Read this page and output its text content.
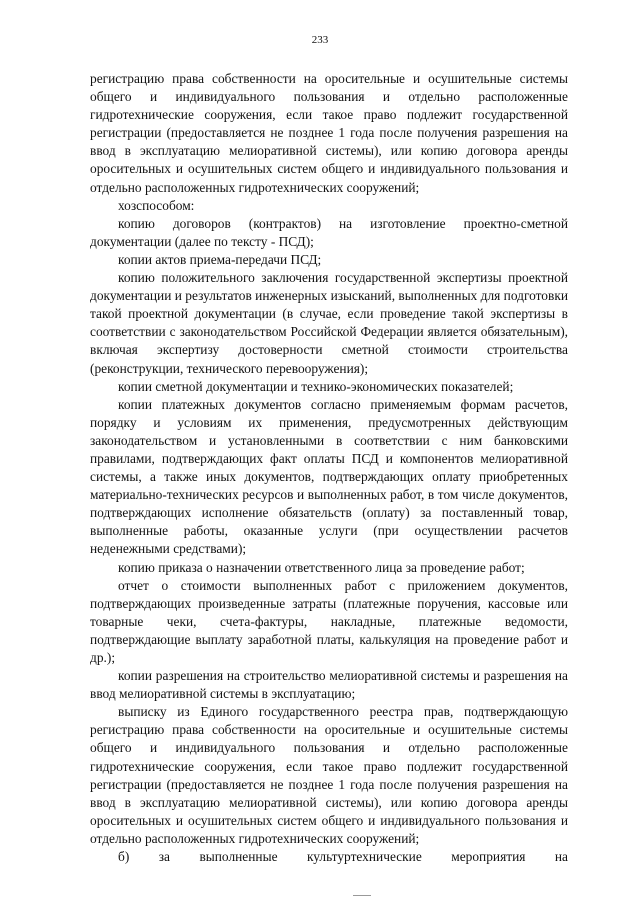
233

регистрацию права собственности на оросительные и осушительные системы общего и индивидуального пользования и отдельно расположенные гидротехнические сооружения, если такое право подлежит государственной регистрации (предоставляется не позднее 1 года после получения разрешения на ввод в эксплуатацию мелиоративной системы), или копию договора аренды оросительных и осушительных систем общего и индивидуального пользования и отдельно расположенных гидротехнических сооружений;

хозспособом:

копию договоров (контрактов) на изготовление проектно-сметной документации (далее по тексту - ПСД);

копии актов приема-передачи ПСД;

копию положительного заключения государственной экспертизы проектной документации и результатов инженерных изысканий, выполненных для подготовки такой проектной документации (в случае, если проведение такой экспертизы в соответствии с законодательством Российской Федерации является обязательным), включая экспертизу достоверности сметной стоимости строительства (реконструкции, технического перевооружения);

копии сметной документации и технико-экономических показателей;

копии платежных документов согласно применяемым формам расчетов, порядку и условиям их применения, предусмотренных действующим законодательством и установленными в соответствии с ним банковскими правилами, подтверждающих факт оплаты ПСД и компонентов мелиоративной системы, а также иных документов, подтверждающих оплату приобретенных материально-технических ресурсов и выполненных работ, в том числе документов, подтверждающих исполнение обязательств (оплату) за поставленный товар, выполненные работы, оказанные услуги (при осуществлении расчетов неденежными средствами);

копию приказа о назначении ответственного лица за проведение работ;

отчет о стоимости выполненных работ с приложением документов, подтверждающих произведенные затраты (платежные поручения, кассовые или товарные чеки, счета-фактуры, накладные, платежные ведомости, подтверждающие выплату заработной платы, калькуляция на проведение работ и др.);

копии разрешения на строительство мелиоративной системы и разрешения на ввод мелиоративной системы в эксплуатацию;

выписку из Единого государственного реестра прав, подтверждающую регистрацию права собственности на оросительные и осушительные системы общего и индивидуального пользования и отдельно расположенные гидротехнические сооружения, если такое право подлежит государственной регистрации (предоставляется не позднее 1 года после получения разрешения на ввод в эксплуатацию мелиоративной системы), или копию договора аренды оросительных и осушительных систем общего и индивидуального пользования и отдельно расположенных гидротехнических сооружений;

б) за выполненные культуртехнические мероприятия на
